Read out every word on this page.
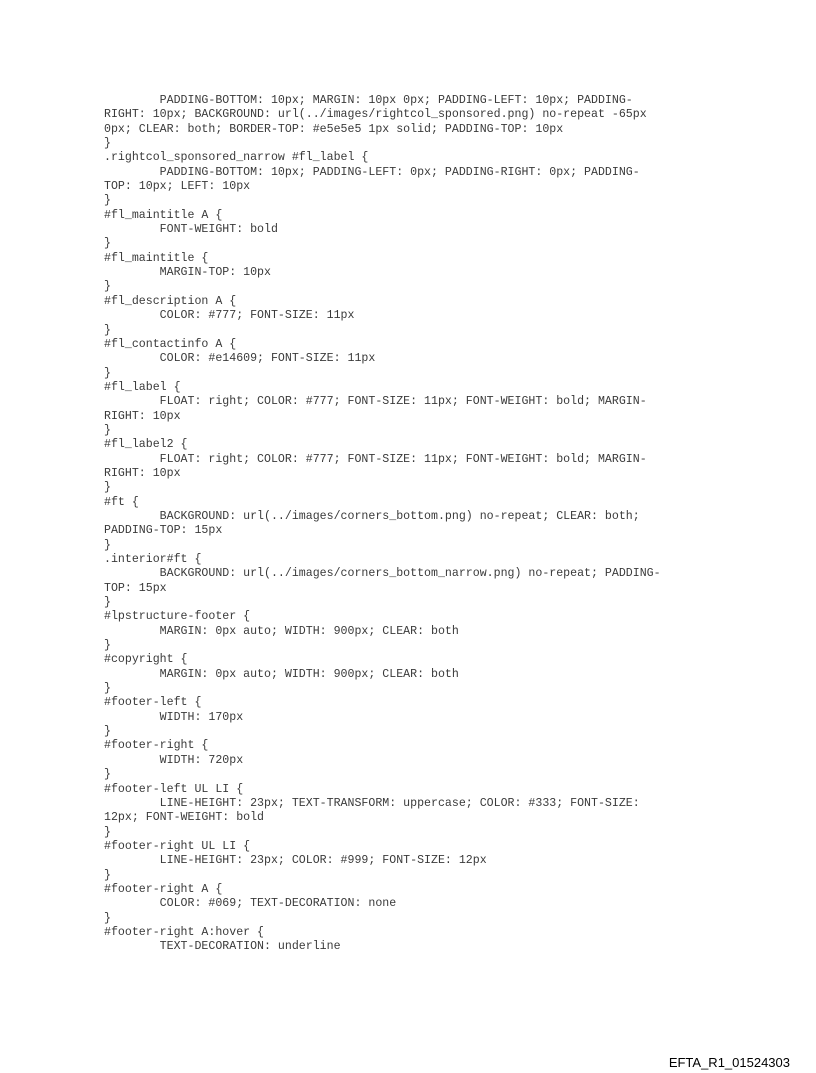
PADDING-BOTTOM: 10px; MARGIN: 10px 0px; PADDING-LEFT: 10px; PADDING-
RIGHT: 10px; BACKGROUND: url(../images/rightcol_sponsored.png) no-repeat -65px
0px; CLEAR: both; BORDER-TOP: #e5e5e5 1px solid; PADDING-TOP: 10px
}
.rightcol_sponsored_narrow #fl_label {
PADDING-BOTTOM: 10px; PADDING-LEFT: 0px; PADDING-RIGHT: 0px; PADDING-
TOP: 10px; LEFT: 10px
}
#fl_maintitle A {
FONT-WEIGHT: bold
}
#fl_maintitle {
MARGIN-TOP: 10px
}
#fl_description A {
COLOR: #777; FONT-SIZE: 11px
}
#fl_contactinfo A {
COLOR: #e14609; FONT-SIZE: 11px
}
#fl_label {
FLOAT: right; COLOR: #777; FONT-SIZE: 11px; FONT-WEIGHT: bold; MARGIN-
RIGHT: 10px
}
#fl_label2 {
FLOAT: right; COLOR: #777; FONT-SIZE: 11px; FONT-WEIGHT: bold; MARGIN-
RIGHT: 10px
}
#ft {
BACKGROUND: url(../images/corners_bottom.png) no-repeat; CLEAR: both;
PADDING-TOP: 15px
}
.interior#ft {
BACKGROUND: url(../images/corners_bottom_narrow.png) no-repeat; PADDING-
TOP: 15px
}
#lpstructure-footer {
MARGIN: 0px auto; WIDTH: 900px; CLEAR: both
}
#copyright {
MARGIN: 0px auto; WIDTH: 900px; CLEAR: both
}
#footer-left {
WIDTH: 170px
}
#footer-right {
WIDTH: 720px
}
#footer-left UL LI {
LINE-HEIGHT: 23px; TEXT-TRANSFORM: uppercase; COLOR: #333; FONT-SIZE:
12px; FONT-WEIGHT: bold
}
#footer-right UL LI {
LINE-HEIGHT: 23px; COLOR: #999; FONT-SIZE: 12px
}
#footer-right A {
COLOR: #069; TEXT-DECORATION: none
}
#footer-right A:hover {
TEXT-DECORATION: underline
EFTA_R1_01524303
